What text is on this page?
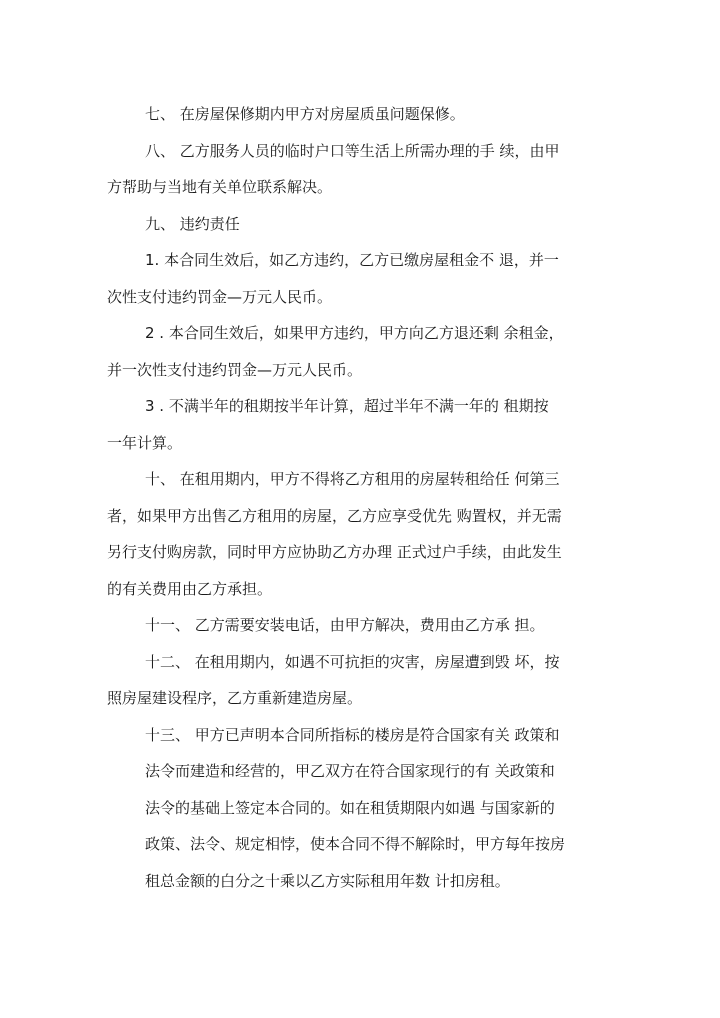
七、 在房屋保修期内甲方对房屋质虽问题保修。

八、 乙方服务人员的临时户口等生活上所需办理的手 续，由甲
方帮助与当地有关单位联系解决。

九、 违约责任

1. 本合同生效后，如乙方违约，乙方已缴房屋租金不 退，并一
次性支付违约罚金—万元人民币。

2 . 本合同生效后，如果甲方违约，甲方向乙方退还剩 余租金，
并一次性支付违约罚金—万元人民币。

3 . 不满半年的租期按半年计算，超过半年不满一年的 租期按
一年计算。

十、 在租用期内，甲方不得将乙方租用的房屋转租给任 何第三
者，如果甲方出售乙方租用的房屋，乙方应享受优先 购置权，并无需
另行支付购房款，同时甲方应协助乙方办理 正式过户手续，由此发生
的有关费用由乙方承担。

十一、 乙方需要安装电话，由甲方解决，费用由乙方承 担。

十二、 在租用期内，如遇不可抗拒的灾害，房屋遭到毁 坏，按
照房屋建设程序，乙方重新建造房屋。

十三、 甲方已声明本合同所指标的楼房是符合国家有关 政策和
法令而建造和经营的，甲乙双方在符合国家现行的有 关政策和
法令的基础上签定本合同的。如在租赁期限内如遇 与国家新的
政策、法令、规定相悖，使本合同不得不解除时，甲方每年按房
租总金额的白分之十乘以乙方实际租用年数 计扣房租。
